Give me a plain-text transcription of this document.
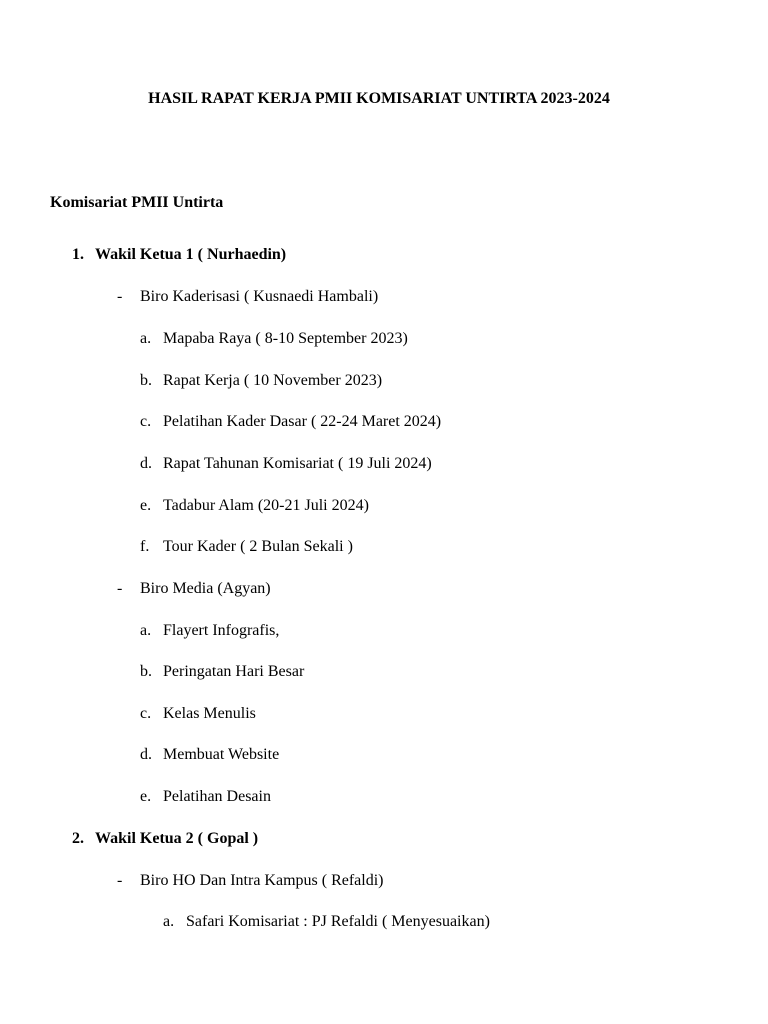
HASIL RAPAT KERJA PMII KOMISARIAT UNTIRTA 2023-2024
Komisariat PMII Untirta
1. Wakil Ketua 1 ( Nurhaedin)
- Biro Kaderisasi ( Kusnaedi Hambali)
a. Mapaba Raya ( 8-10 September 2023)
b. Rapat Kerja ( 10 November 2023)
c. Pelatihan Kader Dasar ( 22-24 Maret 2024)
d. Rapat Tahunan Komisariat ( 19 Juli 2024)
e. Tadabur Alam (20-21 Juli 2024)
f. Tour Kader ( 2 Bulan Sekali )
- Biro Media (Agyan)
a. Flayert Infografis,
b. Peringatan Hari Besar
c. Kelas Menulis
d. Membuat Website
e. Pelatihan Desain
2. Wakil Ketua 2 ( Gopal )
- Biro HO Dan Intra Kampus ( Refaldi)
a. Safari Komisariat : PJ Refaldi ( Menyesuaikan)
